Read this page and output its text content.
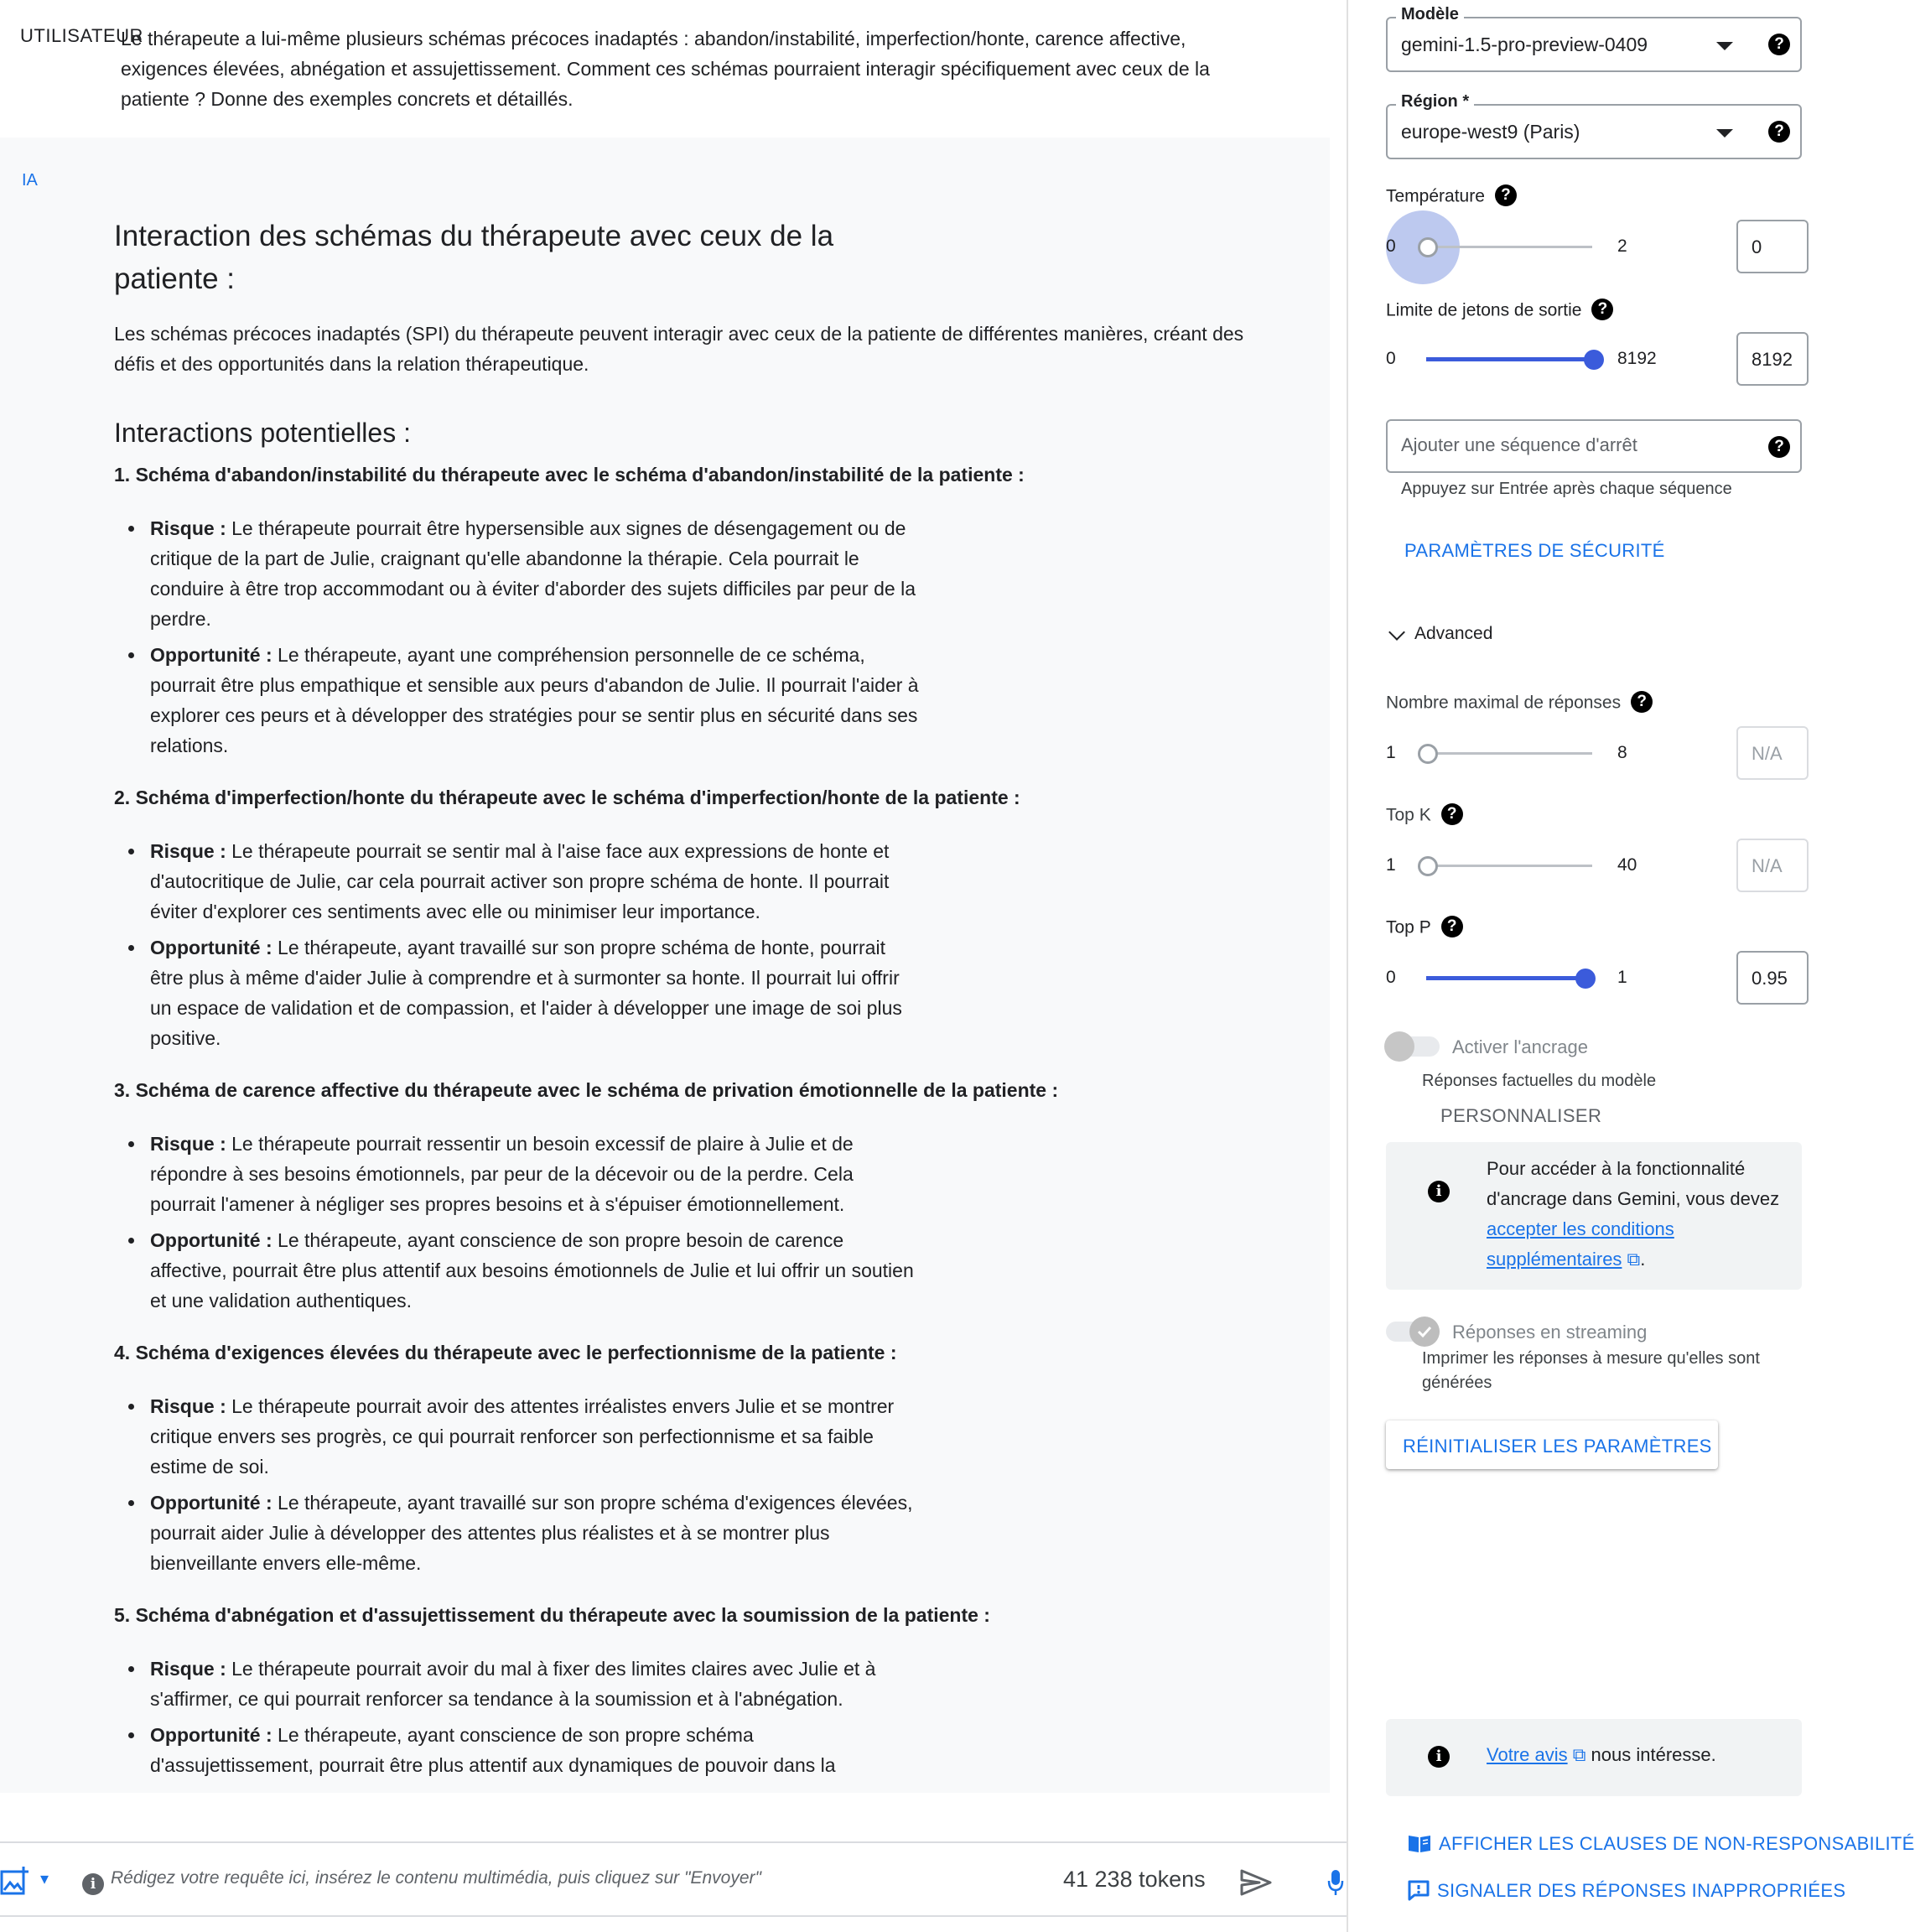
UTILISATEUR
Le thérapeute a lui-même plusieurs schémas précoces inadaptés : abandon/instabilité, imperfection/honte, carence affective, exigences élevées, abnégation et assujettissement. Comment ces schémas pourraient interagir spécifiquement avec ceux de la patiente ? Donne des exemples concrets et détaillés.
IA
Interaction des schémas du thérapeute avec ceux de la patiente :

Les schémas précoces inadaptés (SPI) du thérapeute peuvent interagir avec ceux de la patiente de différentes manières, créant des défis et des opportunités dans la relation thérapeutique.

Interactions potentielles :
1. Schéma d'abandon/instabilité du thérapeute avec le schéma d'abandon/instabilité de la patiente :
Risque : Le thérapeute pourrait être hypersensible aux signes de désengagement ou de critique de la part de Julie, craignant qu'elle abandonne la thérapie. Cela pourrait le conduire à être trop accommodant ou à éviter d'aborder des sujets difficiles par peur de la perdre.
Opportunité : Le thérapeute, ayant une compréhension personnelle de ce schéma, pourrait être plus empathique et sensible aux peurs d'abandon de Julie. Il pourrait l'aider à explorer ces peurs et à développer des stratégies pour se sentir plus en sécurité dans ses relations.
2. Schéma d'imperfection/honte du thérapeute avec le schéma d'imperfection/honte de la patiente :
Risque : Le thérapeute pourrait se sentir mal à l'aise face aux expressions de honte et d'autocritique de Julie, car cela pourrait activer son propre schéma de honte. Il pourrait éviter d'explorer ces sentiments avec elle ou minimiser leur importance.
Opportunité : Le thérapeute, ayant travaillé sur son propre schéma de honte, pourrait être plus à même d'aider Julie à comprendre et à surmonter sa honte. Il pourrait lui offrir un espace de validation et de compassion, et l'aider à développer une image de soi plus positive.
3. Schéma de carence affective du thérapeute avec le schéma de privation émotionnelle de la patiente :
Risque : Le thérapeute pourrait ressentir un besoin excessif de plaire à Julie et de répondre à ses besoins émotionnels, par peur de la décevoir ou de la perdre. Cela pourrait l'amener à négliger ses propres besoins et à s'épuiser émotionnellement.
Opportunité : Le thérapeute, ayant conscience de son propre besoin de carence affective, pourrait être plus attentif aux besoins émotionnels de Julie et lui offrir un soutien et une validation authentiques.
4. Schéma d'exigences élevées du thérapeute avec le perfectionnisme de la patiente :
Risque : Le thérapeute pourrait avoir des attentes irréalistes envers Julie et se montrer critique envers ses progrès, ce qui pourrait renforcer son perfectionnisme et sa faible estime de soi.
Opportunité : Le thérapeute, ayant travaillé sur son propre schéma d'exigences élevées, pourrait aider Julie à développer des attentes plus réalistes et à se montrer plus bienveillante envers elle-même.
5. Schéma d'abnégation et d'assujettissement du thérapeute avec la soumission de la patiente :
Risque : Le thérapeute pourrait avoir du mal à fixer des limites claires avec Julie et à s'affirmer, ce qui pourrait renforcer sa tendance à la soumission et à l'abnégation.
Opportunité : Le thérapeute, ayant conscience de son propre schéma d'assujettissement, pourrait être plus attentif aux dynamiques de pouvoir dans la
▾	i
Rédigez votre requête ici, insérez le contenu multimédia, puis cliquez sur "Envoyer"	41 238 tokens
Modèle
gemini-1.5-pro-preview-0409	?
Région *
europe-west9 (Paris)	?
Température ?
0	2	0
Limite de jetons de sortie ?
0	8192	8192
Ajouter une séquence d'arrêt
?
Appuyez sur Entrée après chaque séquence
PARAMÈTRES DE SÉCURITÉ
Advanced
Nombre maximal de réponses ?
1	8	N/A
Top K ?
1	40	N/A
Top P ?
0	1	0.95
Activer l'ancrage
Réponses factuelles du modèle
PERSONNALISER
i
Pour accéder à la fonctionnalité d'ancrage dans Gemini, vous devez accepter les conditions supplémentaires ⧉.
Réponses en streaming
Imprimer les réponses à mesure qu'elles sont générées
RÉINITIALISER LES PARAMÈTRES
i	Votre avis ⧉ nous intéresse.
AFFICHER LES CLAUSES DE NON-RESPONSABILITÉ
SIGNALER DES RÉPONSES INAPPROPRIÉES
